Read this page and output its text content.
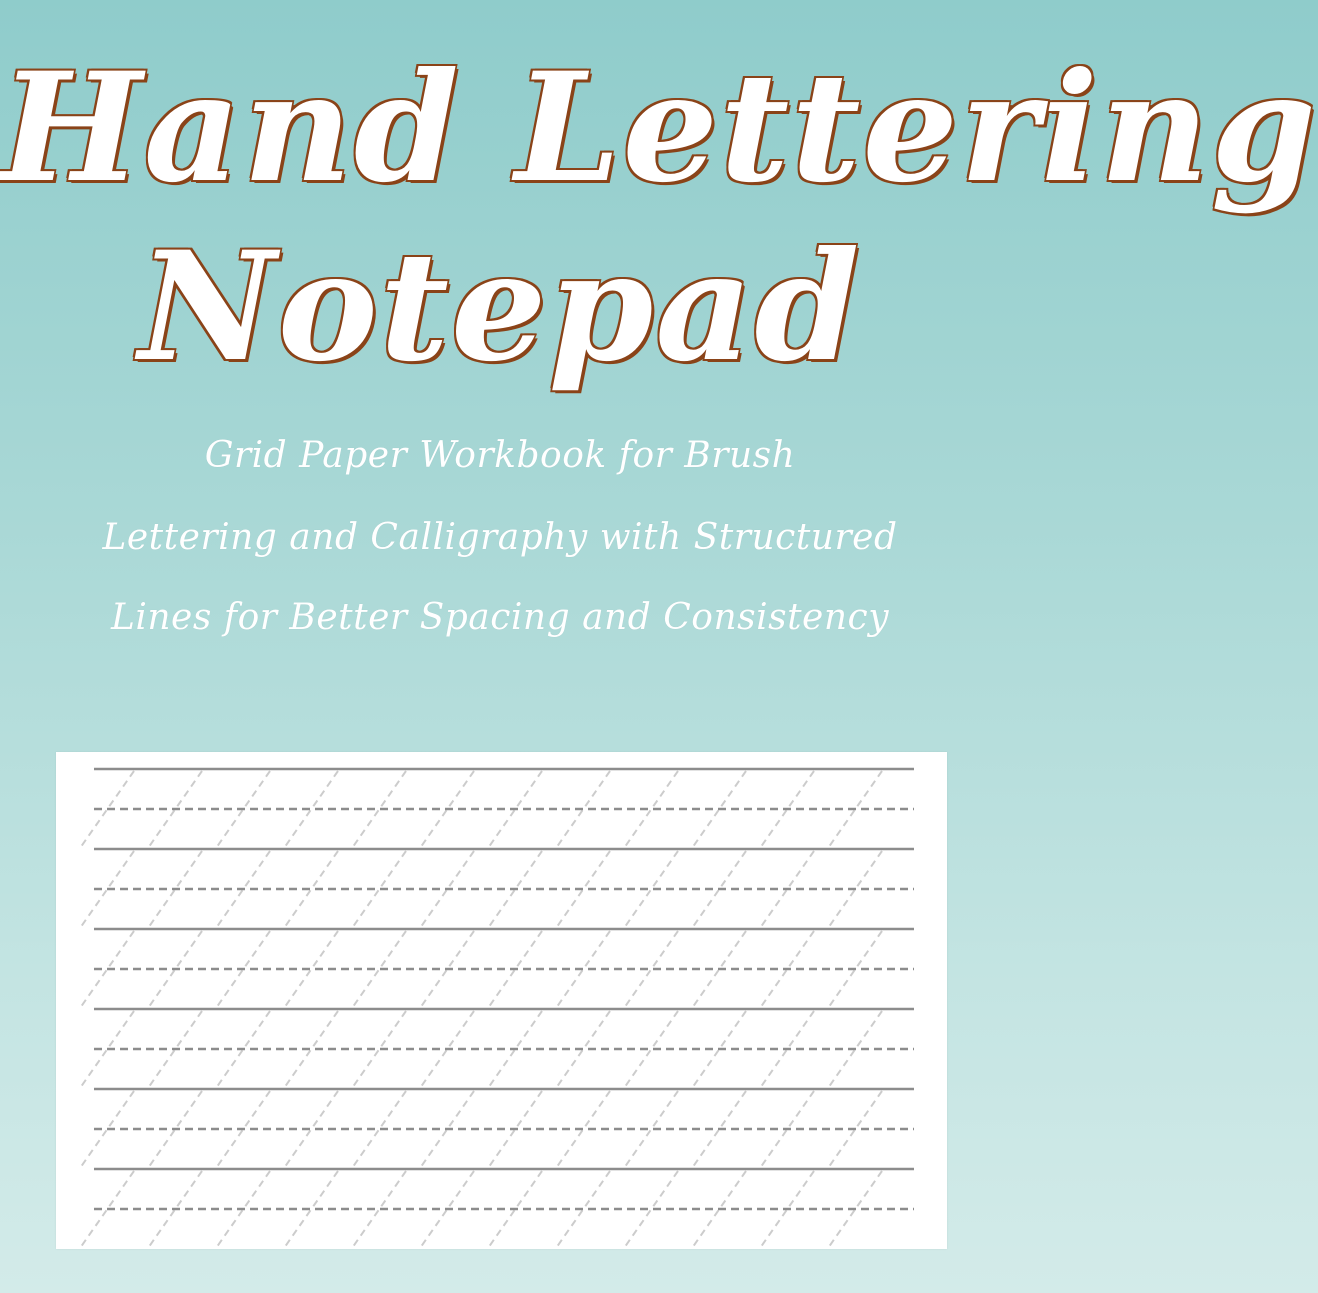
Hand Lettering
Notepad
Grid Paper Workbook for Brush
Lettering and Calligraphy with Structured
Lines for Better Spacing and Consistency
